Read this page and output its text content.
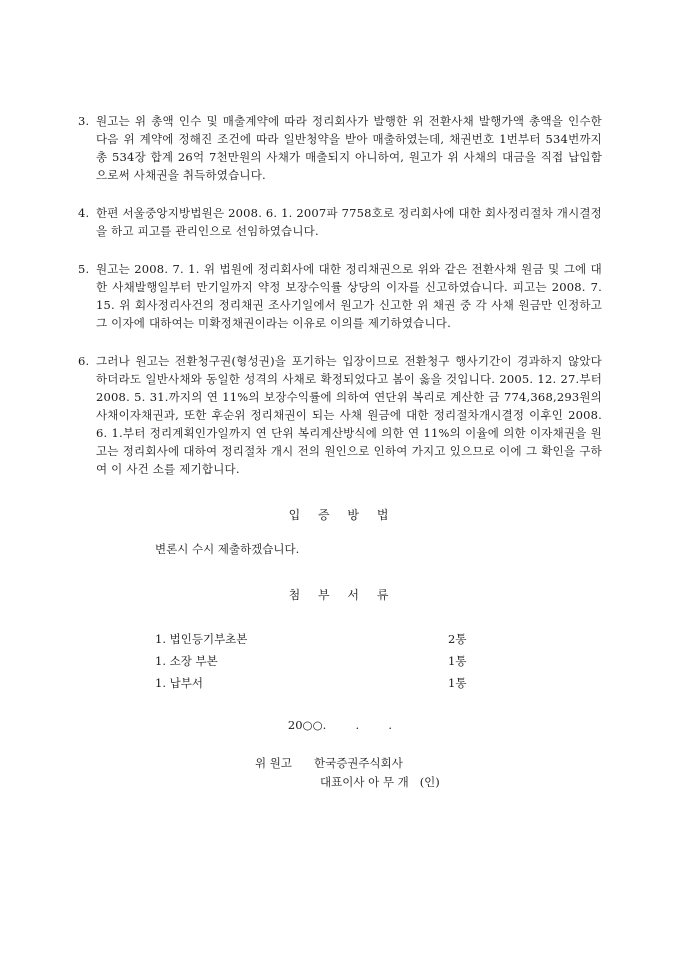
3. 원고는 위 총액 인수 및 매출계약에 따라 정리회사가 발행한 위 전환사채 발행가액 총액을 인수한 다음 위 계약에 정해진 조건에 따라 일반청약을 받아 매출하였는데, 채권번호 1번부터 534번까지 총 534장 합계 26억 7천만원의 사채가 매출되지 아니하여, 원고가 위 사채의 대금을 직접 납입함으로써 사채권을 취득하였습니다.
4. 한편 서울중앙지방법원은 2008. 6. 1. 2007파 7758호로 정리회사에 대한 회사정리절차 개시결정을 하고 피고를 관리인으로 선임하였습니다.
5. 원고는 2008. 7. 1. 위 법원에 정리회사에 대한 정리채권으로 위와 같은 전환사채 원금 및 그에 대한 사채발행일부터 만기일까지 약정 보장수익률 상당의 이자를 신고하였습니다. 피고는 2008. 7. 15. 위 회사정리사건의 정리채권 조사기일에서 원고가 신고한 위 채권 중 각 사채 원금만 인정하고 그 이자에 대하여는 미확정채권이라는 이유로 이의를 제기하였습니다.
6. 그러나 원고는 전환청구권(형성권)을 포기하는 입장이므로 전환청구 행사기간이 경과하지 않았다 하더라도 일반사채와 동일한 성격의 사채로 확정되었다고 봄이 옳을 것입니다. 2005. 12. 27.부터 2008. 5. 31.까지의 연 11%의 보장수익률에 의하여 연단위 복리로 계산한 금 774,368,293원의 사채이자채권과, 또한 후순위 정리채권이 되는 사채 원금에 대한 정리절차개시결정 이후인 2008. 6. 1.부터 정리계획인가일까지 연 단위 복리계산방식에 의한 연 11%의 이율에 의한 이자채권을 원고는 정리회사에 대하여 정리절차 개시 전의 원인으로 인하여 가지고 있으므로 이에 그 확인을 구하여 이 사건 소를 제기합니다.
입 증 방 법

변론시 수시 제출하겠습니다.

첨 부 서 류
1. 법인등기부초본	2통
1. 소장 부본	1통
1. 납부서	1통
20○○.        .        .
위 원고 한국증권주식회사
대표이사 아 무 개   (인)
